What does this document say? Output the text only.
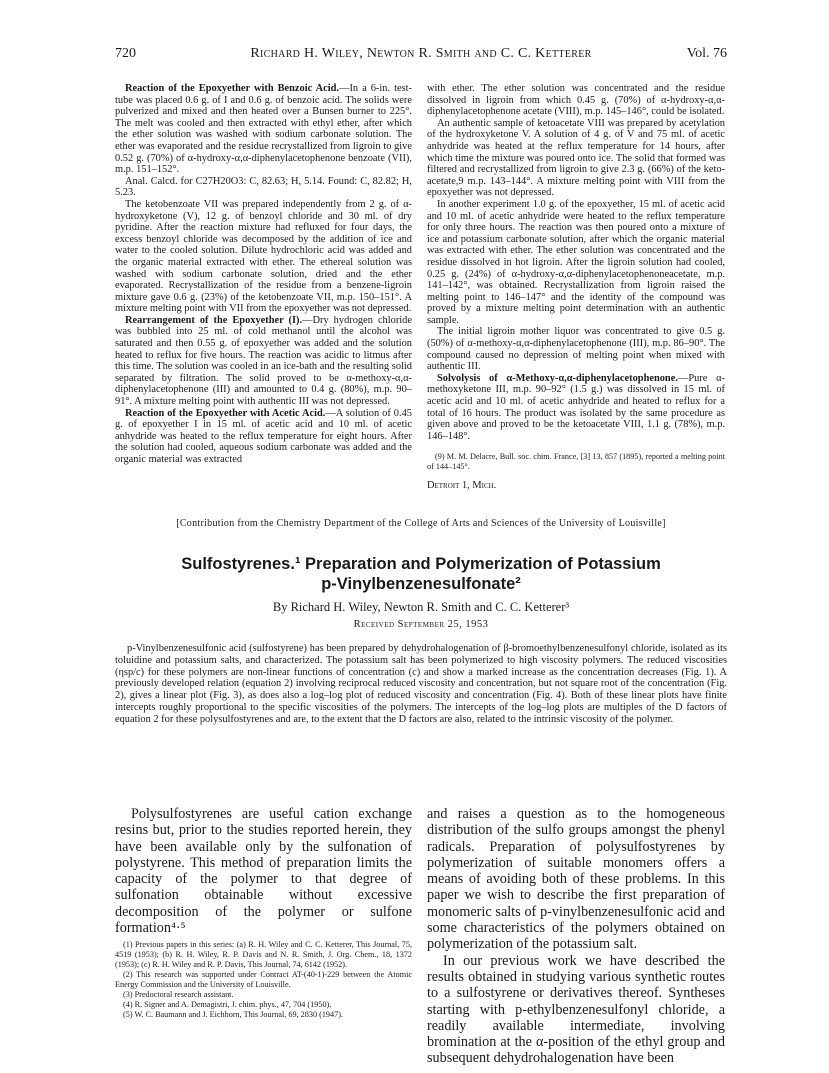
720	Richard H. Wiley, Newton R. Smith and C. C. Ketterer	Vol. 76

Reaction of the Epoxyether with Benzoic Acid.—In a 6-in. test-tube was placed 0.6 g. of I and 0.6 g. of benzoic acid. The solids were pulverized and mixed and then heated over a Bunsen burner to 225°. The melt was cooled and then extracted with ethyl ether, after which the ether solution was washed with sodium carbonate solution. The ether was evaporated and the residue recrystallized from ligroin to give 0.52 g. (70%) of α-hydroxy-α,α-diphenylacetophenone benzoate (VII), m.p. 151–152°.

Anal. Calcd. for C27H20O3: C, 82.63; H, 5.14. Found: C, 82.82; H, 5.23.

The ketobenzoate VII was prepared independently from 2 g. of α-hydroxyketone (V), 12 g. of benzoyl chloride and 30 ml. of dry pyridine. After the reaction mixture had refluxed for four days, the excess benzoyl chloride was decomposed by the addition of ice and water to the cooled solution. Dilute hydrochloric acid was added and the organic material extracted with ether. The ethereal solution was washed with sodium carbonate solution, dried and the ether evaporated. Recrystallization of the residue from a benzene-ligroin mixture gave 0.6 g. (23%) of the ketobenzoate VII, m.p. 150–151°. A mixture melting point with VII from the epoxyether was not depressed.

Rearrangement of the Epoxyether (I).—Dry hydrogen chloride was bubbled into 25 ml. of cold methanol until the alcohol was saturated and then 0.55 g. of epoxyether was added and the solution heated to reflux for five hours. The reaction was acidic to litmus after this time. The solution was cooled in an ice-bath and the resulting solid separated by filtration. The solid proved to be α-methoxy-α,α-diphenylacetophenone (III) and amounted to 0.4 g. (80%), m.p. 90–91°. A mixture melting point with authentic III was not depressed.

Reaction of the Epoxyether with Acetic Acid.—A solution of 0.45 g. of epoxyether I in 15 ml. of acetic acid and 10 ml. of acetic anhydride was heated to the reflux temperature for eight hours. After the solution had cooled, aqueous sodium carbonate was added and the organic material was extracted

with ether. The ether solution was concentrated and the residue dissolved in ligroin from which 0.45 g. (70%) of α-hydroxy-α,α-diphenylacetophenone acetate (VIII), m.p. 145–146°, could be isolated.

An authentic sample of ketoacetate VIII was prepared by acetylation of the hydroxyketone V. A solution of 4 g. of V and 75 ml. of acetic anhydride was heated at the reflux temperature for 14 hours, after which time the mixture was poured onto ice. The solid that formed was filtered and recrystallized from ligroin to give 2.3 g. (66%) of the keto-acetate,9 m.p. 143–144°. A mixture melting point with VIII from the epoxyether was not depressed.

In another experiment 1.0 g. of the epoxyether, 15 ml. of acetic acid and 10 ml. of acetic anhydride were heated to the reflux temperature for only three hours. The reaction was then poured onto a mixture of ice and potassium carbonate solution, after which the organic material was extracted with ether. The ether solution was concentrated and the residue dissolved in hot ligroin. After the ligroin solution had cooled, 0.25 g. (24%) of α-hydroxy-α,α-diphenylacetophenoneacetate, m.p. 141–142°, was obtained. Recrystallization from ligroin raised the melting point to 146–147° and the identity of the compound was proved by a mixture melting point determination with an authentic sample.

The initial ligroin mother liquor was concentrated to give 0.5 g. (50%) of α-methoxy-α,α-diphenylacetophenone (III), m.p. 86–90°. The compound caused no depression of melting point when mixed with authentic III.

Solvolysis of α-Methoxy-α,α-diphenylacetophenone.—Pure α-methoxyketone III, m.p. 90–92° (1.5 g.) was dissolved in 15 ml. of acetic acid and 10 ml. of acetic anhydride and heated to reflux for a total of 16 hours. The product was isolated by the same procedure as given above and proved to be the ketoacetate VIII, 1.1 g. (78%), m.p. 146–148°.

(9) M. M. Delacre, Bull. soc. chim. France, [3] 13, 857 (1895), reported a melting point of 144–145°.

Detroit 1, Mich.

[Contribution from the Chemistry Department of the College of Arts and Sciences of the University of Louisville]
Sulfostyrenes.¹ Preparation and Polymerization of Potassium
p-Vinylbenzenesulfonate²
By Richard H. Wiley, Newton R. Smith and C. C. Ketterer³
Received September 25, 1953

p-Vinylbenzenesulfonic acid (sulfostyrene) has been prepared by dehydrohalogenation of β-bromoethylbenzenesulfonyl chloride, isolated as its toluidine and potassium salts, and characterized. The potassium salt has been polymerized to high viscosity polymers. The reduced viscosities (ηsp/c) for these polymers are non-linear functions of concentration (c) and show a marked increase as the concentration decreases (Fig. 1). A previously developed relation (equation 2) involving reciprocal reduced viscosity and concentration, but not square root of the concentration (Fig. 2), gives a linear plot (Fig. 3), as does also a log–log plot of reduced viscosity and concentration (Fig. 4). Both of these linear plots have finite intercepts roughly proportional to the specific viscosities of the polymers. The intercepts of the log–log plots are multiples of the D factors of equation 2 for these polysulfostyrenes and are, to the extent that the D factors are also, related to the intrinsic viscosity of the polymer.

Polysulfostyrenes are useful cation exchange resins but, prior to the studies reported herein, they have been available only by the sulfonation of polystyrene. This method of preparation limits the capacity of the polymer to that degree of sulfonation obtainable without excessive decomposition of the polymer or sulfone formation⁴·⁵

(1) Previous papers in this series: (a) R. H. Wiley and C. C. Ketterer, This Journal, 75, 4519 (1953); (b) R. H. Wiley, R. P. Davis and N. R. Smith, J. Org. Chem., 18, 1372 (1953); (c) R. H. Wiley and R. P. Davis, This Journal, 74, 6142 (1952).

(2) This research was supported under Contract AT-(40-1)-229 between the Atomic Energy Commission and the University of Louisville.

(3) Predoctoral research assistant.

(4) R. Signer and A. Demagistri, J. chim. phys., 47, 704 (1950).

(5) W. C. Baumann and J. Eichhorn, This Journal, 69, 2830 (1947).

and raises a question as to the homogeneous distribution of the sulfo groups amongst the phenyl radicals. Preparation of polysulfostyrenes by polymerization of suitable monomers offers a means of avoiding both of these problems. In this paper we wish to describe the first preparation of monomeric salts of p-vinylbenzenesulfonic acid and some characteristics of the polymers obtained on polymerization of the potassium salt.

In our previous work we have described the results obtained in studying various synthetic routes to a sulfostyrene or derivatives thereof. Syntheses starting with p-ethylbenzenesulfonyl chloride, a readily available intermediate, involving bromination at the α-position of the ethyl group and subsequent dehydrohalogenation have been
